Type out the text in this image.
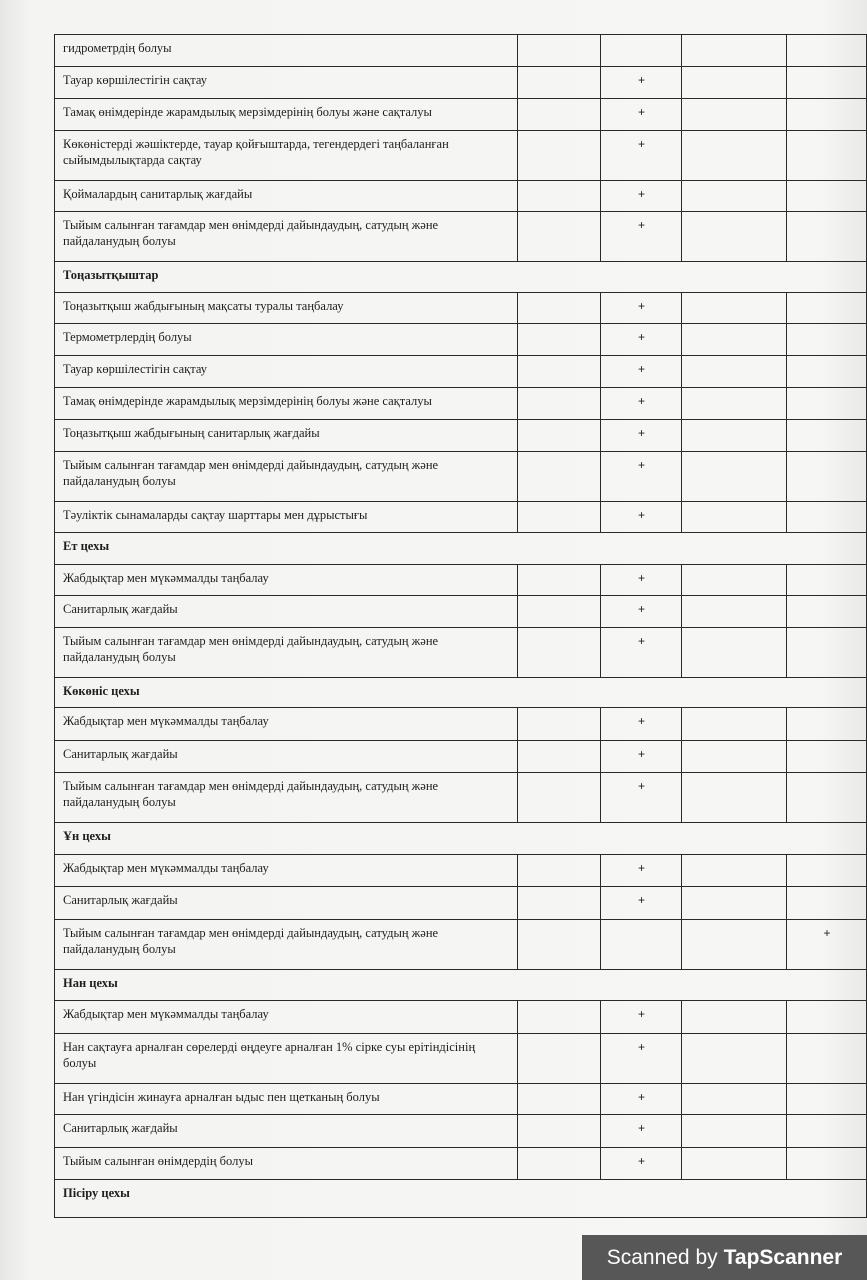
гидрометрдің болуы				
Тауар көршілестігін сақтау		+		
Тамақ өнімдерінде жарамдылық мерзімдерінің болуы және сақталуы		+		
Көкөністерді жәшіктерде, тауар қойғыштарда, тегендердегі таңбаланған сыйымдылықтарда сақтау		+		
Қоймалардың санитарлық жағдайы		+		
Тыйым салынған тағамдар мен өнімдерді дайындаудың, сатудың және пайдаланудың болуы		+		
Тоңазытқыштар				
Тоңазытқыш жабдығының мақсаты туралы таңбалау		+		
Термометрлердің болуы		+		
Тауар көршілестігін сақтау		+		
Тамақ өнімдерінде жарамдылық мерзімдерінің болуы және сақталуы		+		
Тоңазытқыш жабдығының санитарлық жағдайы		+		
Тыйым салынған тағамдар мен өнімдерді дайындаудың, сатудың және пайдаланудың болуы		+		
Тәуліктік сынамаларды сақтау шарттары мен дұрыстығы		+		
Ет цехы				
Жабдықтар мен мүкәммалды таңбалау		+		
Санитарлық жағдайы		+		
Тыйым салынған тағамдар мен өнімдерді дайындаудың, сатудың және пайдаланудың болуы		+		
Көкөніс цехы				
Жабдықтар мен мүкәммалды таңбалау		+		
Санитарлық жағдайы		+		
Тыйым салынған тағамдар мен өнімдерді дайындаудың, сатудың және пайдаланудың болуы		+		
Ұн цехы				
Жабдықтар мен мүкәммалды таңбалау		+		
Санитарлық жағдайы		+		
Тыйым салынған тағамдар мен өнімдерді дайындаудың, сатудың және пайдаланудың болуы				+
Нан цехы				
Жабдықтар мен мүкәммалды таңбалау		+		
Нан сақтауға арналған сөрелерді өңдеуге арналған 1% сірке суы ерітіндісінің болуы		+		
Нан үгіндісін жинауға арналған ыдыс пен щетканың болуы		+		
Санитарлық жағдайы		+		
Тыйым салынған өнімдердің болуы		+		
Пісіру цехы				
Scanned by TapScanner
